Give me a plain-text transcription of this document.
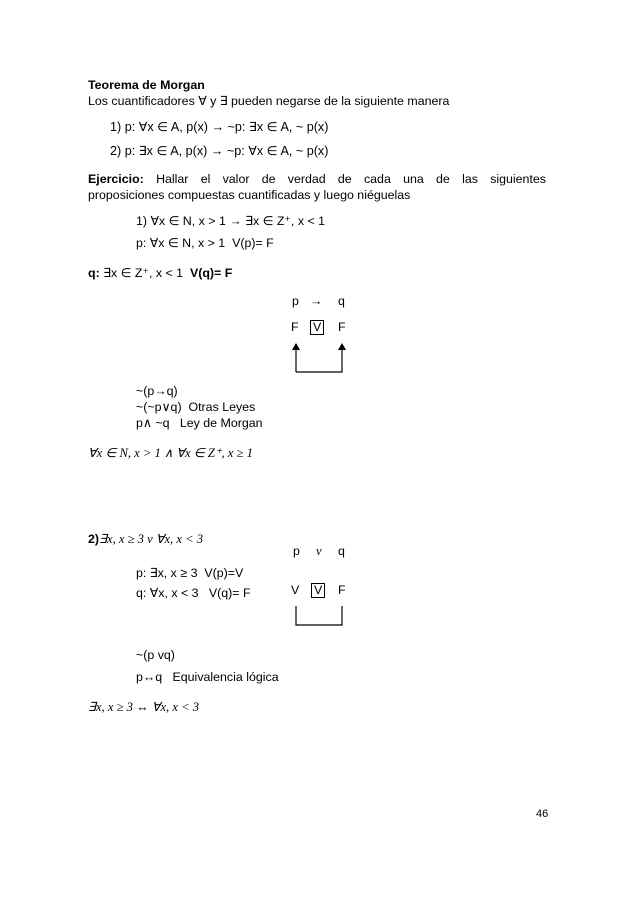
Teorema de Morgan
Los cuantificadores ∀ y ∃ pueden negarse de la siguiente manera
1) p: ∀x ∈ A, p(x) → ~p: ∃x ∈ A, ~ p(x)
2) p: ∃x ∈ A, p(x) → ~p: ∀x ∈ A, ~ p(x)
Ejercicio: Hallar el valor de verdad de cada una de las siguientes
proposiciones compuestas cuantificadas y luego niéguelas
1) ∀x ∈ N, x > 1 → ∃x ∈ Z⁺, x < 1
p: ∀x ∈ N, x > 1 V(p)= F
q: ∃x ∈ Z⁺, x < 1 V(q)= F
p → q
F V F
~(p→q)
~(~p∨q) Otras Leyes
p∧ ~q Ley de Morgan
∀x ∈ N, x > 1 ∧ ∀x ∈ Z⁺, x ≥ 1
2)∃x, x ≥ 3 v ∀x, x < 3
p: ∃x, x ≥ 3 V(p)=V
q: ∀x, x < 3 V(q)= F
p v q
V V F
~(p vq)
p↔q Equivalencia lógica
∃x, x ≥ 3 ↔ ∀x, x < 3
46
